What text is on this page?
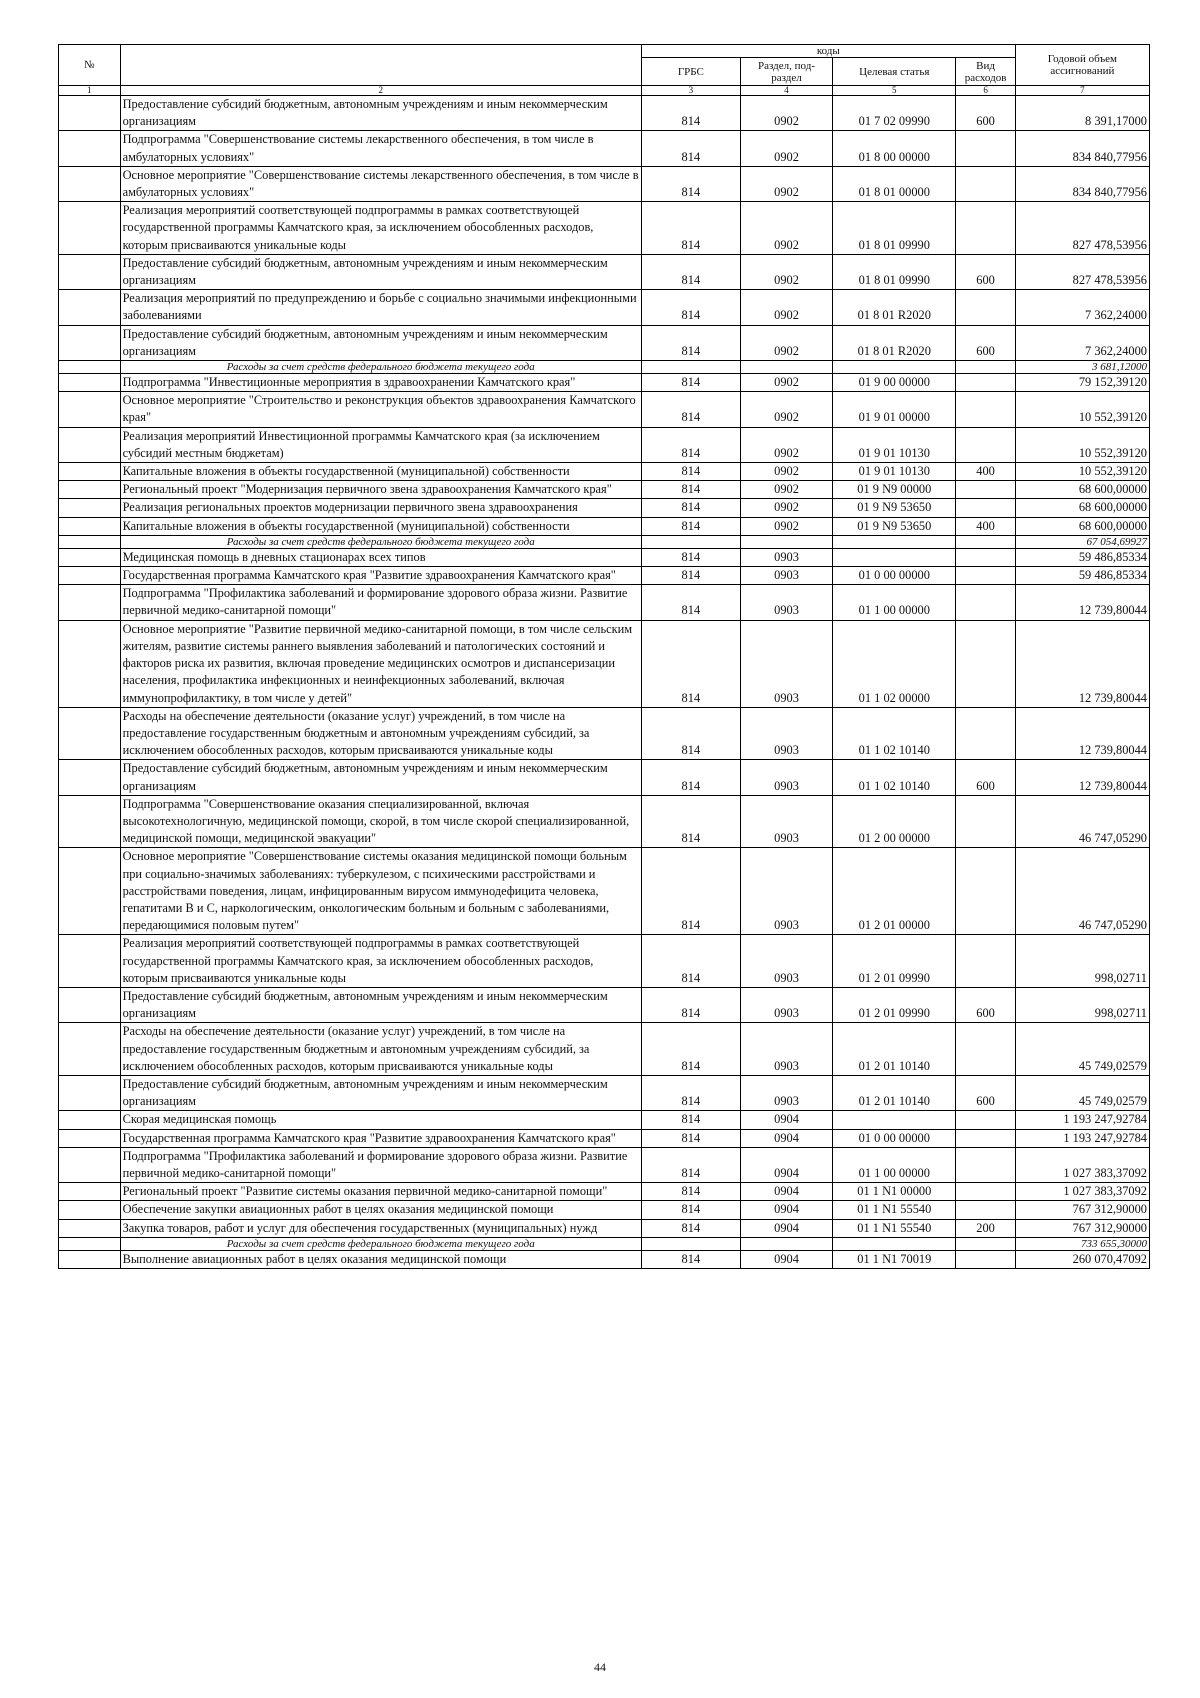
№		коды				Годовой объем ассигнований
		ГРБС	Раздел, под-раздел	Целевая статья	Вид расходов	
1	2	3	4	5	6	7
	Предоставление субсидий бюджетным, автономным учреждениям и иным некоммерческим организациям	814	0902	01 7 02 09990	600	8 391,17000
	Подпрограмма "Совершенствование системы лекарственного обеспечения, в том числе в амбулаторных условиях"	814	0902	01 8 00 00000		834 840,77956
	Основное мероприятие "Совершенствование системы лекарственного обеспечения, в том числе в амбулаторных условиях"	814	0902	01 8 01 00000		834 840,77956
	Реализация мероприятий соответствующей подпрограммы в рамках соответствующей государственной программы Камчатского края, за исключением обособленных расходов, которым присваиваются уникальные коды	814	0902	01 8 01 09990		827 478,53956
	Предоставление субсидий бюджетным, автономным учреждениям и иным некоммерческим организациям	814	0902	01 8 01 09990	600	827 478,53956
	Реализация мероприятий по предупреждению и борьбе с социально значимыми инфекционными заболеваниями	814	0902	01 8 01 R2020		7 362,24000
	Предоставление субсидий бюджетным, автономным учреждениям и иным некоммерческим организациям	814	0902	01 8 01 R2020	600	7 362,24000
	Расходы за счет средств федерального бюджета текущего года					3 681,12000
	Подпрограмма "Инвестиционные мероприятия в здравоохранении Камчатского края"	814	0902	01 9 00 00000		79 152,39120
	Основное мероприятие "Строительство и реконструкция объектов здравоохранения Камчатского края"	814	0902	01 9 01 00000		10 552,39120
	Реализация мероприятий Инвестиционной программы Камчатского края (за исключением субсидий местным бюджетам)	814	0902	01 9 01 10130		10 552,39120
	Капитальные вложения в объекты государственной (муниципальной) собственности	814	0902	01 9 01 10130	400	10 552,39120
	Региональный проект "Модернизация первичного звена здравоохранения Камчатского края"	814	0902	01 9 N9 00000		68 600,00000
	Реализация региональных проектов модернизации первичного звена здравоохранения	814	0902	01 9 N9 53650		68 600,00000
	Капитальные вложения в объекты государственной (муниципальной) собственности	814	0902	01 9 N9 53650	400	68 600,00000
	Расходы за счет средств федерального бюджета текущего года					67 054,69927
	Медицинская помощь в дневных стационарах всех типов	814	0903			59 486,85334
	Государственная программа Камчатского края "Развитие здравоохранения Камчатского края"	814	0903	01 0 00 00000		59 486,85334
	Подпрограмма "Профилактика заболеваний и формирование здорового образа жизни. Развитие первичной медико-санитарной помощи"	814	0903	01 1 00 00000		12 739,80044
	Основное мероприятие "Развитие первичной медико-санитарной помощи, в том числе сельским жителям, развитие системы раннего выявления заболеваний и патологических состояний и факторов риска их развития, включая проведение медицинских осмотров и диспансеризации населения, профилактика инфекционных и неинфекционных заболеваний, включая иммунопрофилактику, в том числе у детей"	814	0903	01 1 02 00000		12 739,80044
	Расходы на обеспечение деятельности (оказание услуг) учреждений, в том числе на предоставление государственным бюджетным и автономным учреждениям субсидий, за исключением обособленных расходов, которым присваиваются уникальные коды	814	0903	01 1 02 10140		12 739,80044
	Предоставление субсидий бюджетным, автономным учреждениям и иным некоммерческим организациям	814	0903	01 1 02 10140	600	12 739,80044
	Подпрограмма "Совершенствование оказания специализированной, включая высокотехнологичную, медицинской помощи, скорой, в том числе скорой специализированной, медицинской помощи, медицинской эвакуации"	814	0903	01 2 00 00000		46 747,05290
	Основное мероприятие "Совершенствование системы оказания медицинской помощи больным при социально-значимых заболеваниях: туберкулезом, с психическими расстройствами и расстройствами поведения, лицам, инфицированным вирусом иммунодефицита человека, гепатитами В и С, наркологическим, онкологическим больным и больным с заболеваниями, передающимися половым путем"	814	0903	01 2 01 00000		46 747,05290
	Реализация мероприятий соответствующей подпрограммы в рамках соответствующей государственной программы Камчатского края, за исключением обособленных расходов, которым присваиваются уникальные коды	814	0903	01 2 01 09990		998,02711
	Предоставление субсидий бюджетным, автономным учреждениям и иным некоммерческим организациям	814	0903	01 2 01 09990	600	998,02711
	Расходы на обеспечение деятельности (оказание услуг) учреждений, в том числе на предоставление государственным бюджетным и автономным учреждениям субсидий, за исключением обособленных расходов, которым присваиваются уникальные коды	814	0903	01 2 01 10140		45 749,02579
	Предоставление субсидий бюджетным, автономным учреждениям и иным некоммерческим организациям	814	0903	01 2 01 10140	600	45 749,02579
	Скорая медицинская помощь	814	0904			1 193 247,92784
	Государственная программа Камчатского края "Развитие здравоохранения Камчатского края"	814	0904	01 0 00 00000		1 193 247,92784
	Подпрограмма "Профилактика заболеваний и формирование здорового образа жизни. Развитие первичной медико-санитарной помощи"	814	0904	01 1 00 00000		1 027 383,37092
	Региональный проект "Развитие системы оказания первичной медико-санитарной помощи"	814	0904	01 1 N1 00000		1 027 383,37092
	Обеспечение закупки авиационных работ в целях оказания медицинской помощи	814	0904	01 1 N1 55540		767 312,90000
	Закупка товаров, работ и услуг для обеспечения государственных (муниципальных) нужд	814	0904	01 1 N1 55540	200	767 312,90000
	Расходы за счет средств федерального бюджета текущего года					733 655,30000
	Выполнение авиационных работ в целях оказания медицинской помощи	814	0904	01 1 N1 70019		260 070,47092
44
